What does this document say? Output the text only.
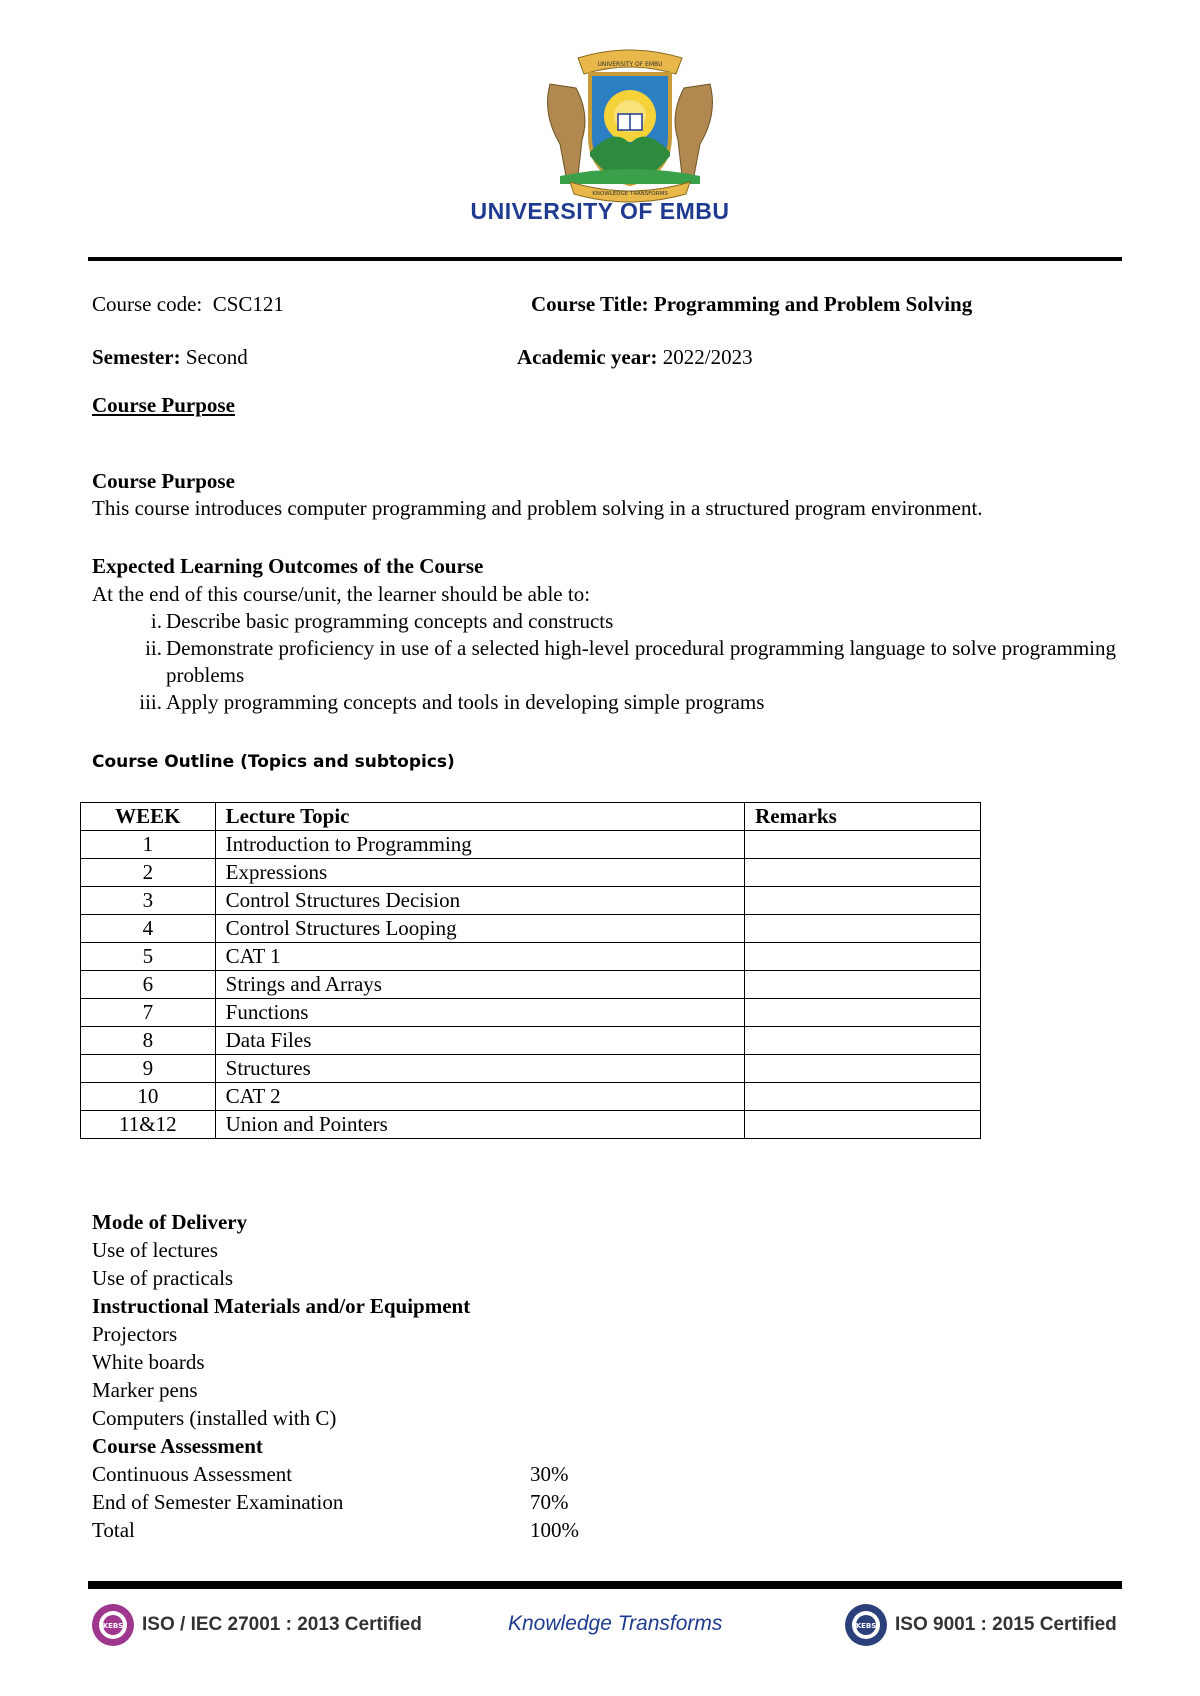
UNIVERSITY OF EMBU
KNOWLEDGE TRANSFORMS
UNIVERSITY OF EMBU
Course code: CSC121	Course Title: Programming and Problem Solving
Semester: Second	Academic year: 2022/2023
Course Purpose
Course Purpose
This course introduces computer programming and problem solving in a structured program environment.
Expected Learning Outcomes of the Course
At the end of this course/unit, the learner should be able to:
i. Describe basic programming concepts and constructs
ii. Demonstrate proficiency in use of a selected high-level procedural programming language to solve programming problems
iii. Apply programming concepts and tools in developing simple programs
Course Outline (Topics and subtopics)
WEEK	Lecture Topic	Remarks
1	Introduction to Programming	
2	Expressions	
3	Control Structures Decision	
4	Control Structures Looping	
5	CAT 1	
6	Strings and Arrays	
7	Functions	
8	Data Files	
9	Structures	
10	CAT 2	
11&12	Union and Pointers	
Mode of Delivery
Use of lectures
Use of practicals
Instructional Materials and/or Equipment
Projectors
White boards
Marker pens
Computers (installed with C)
Course Assessment
Continuous Assessment	30%
End of Semester Examination	70%
Total	100%
KEBS ISO / IEC 27001 : 2013 Certified	Knowledge Transforms	KEBS ISO 9001 : 2015 Certified
